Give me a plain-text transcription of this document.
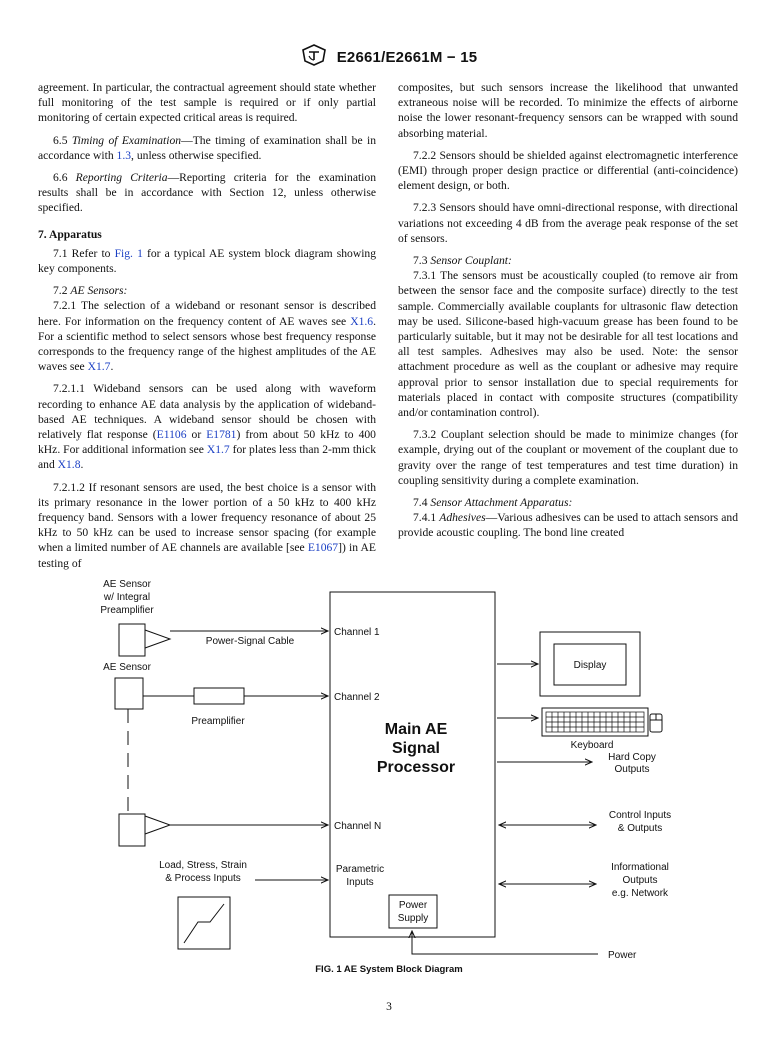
E2661/E2661M − 15

agreement. In particular, the contractual agreement should state whether full monitoring of the test sample is required or if only partial monitoring of certain expected critical areas is required.

6.5 Timing of Examination—The timing of examination shall be in accordance with 1.3, unless otherwise specified.

6.6 Reporting Criteria—Reporting criteria for the examination results shall be in accordance with Section 12, unless otherwise specified.

7. Apparatus

7.1 Refer to Fig. 1 for a typical AE system block diagram showing key components.

7.2 AE Sensors:

7.2.1 The selection of a wideband or resonant sensor is described here. For information on the frequency content of AE waves see X1.6. For a scientific method to select sensors whose best frequency response corresponds to the frequency range of the highest amplitudes of the AE waves see X1.7.

7.2.1.1 Wideband sensors can be used along with waveform recording to enhance AE data analysis by the application of wideband-based AE techniques. A wideband sensor should be chosen with relatively flat response (E1106 or E1781) from about 50 kHz to 400 kHz. For additional information see X1.7 for plates less than 2-mm thick and X1.8.

7.2.1.2 If resonant sensors are used, the best choice is a sensor with its primary resonance in the lower portion of a 50 kHz to 400 kHz frequency band. Sensors with a lower frequency resonance of about 25 kHz to 50 kHz can be used to increase sensor spacing (for example when a limited number of AE channels are available [see E1067]) in AE testing of

composites, but such sensors increase the likelihood that unwanted extraneous noise will be recorded. To minimize the effects of airborne noise the lower resonant-frequency sensors can be wrapped with sound absorbing material.

7.2.2 Sensors should be shielded against electromagnetic interference (EMI) through proper design practice or differential (anti-coincidence) element design, or both.

7.2.3 Sensors should have omni-directional response, with directional variations not exceeding 4 dB from the average peak response of the set of sensors.

7.3 Sensor Couplant:

7.3.1 The sensors must be acoustically coupled (to remove air from between the sensor face and the composite surface) directly to the test sample. Commercially available couplants for ultrasonic flaw detection may be used. Silicone-based high-vacuum grease has been found to be particularly suitable, but it may not be desirable for all test locations and all test samples. Adhesives may also be used. Note: the sensor attachment procedure as well as the couplant or adhesive may require approval prior to sensor installation due to special requirements for materials placed in contact with composite structures (compatibility and/or contamination control).

7.3.2 Couplant selection should be made to minimize changes (for example, drying out of the couplant or movement of the couplant due to gravity over the range of test temperatures and test time duration) in coupling sensitivity during a complete examination.

7.4 Sensor Attachment Apparatus:

7.4.1 Adhesives—Various adhesives can be used to attach sensors and provide acoustic coupling. The bond line created

AE Sensor
w/ Integral
Preamplifier
Power-Signal Cable
AE Sensor
Preamplifier
Channel 1
Channel 2
Channel N
Main AE
Signal
Processor
Load, Stress, Strain
& Process Inputs
Parametric
Inputs
Power
Supply
Display
Keyboard
Hard Copy
Outputs
Control Inputs
& Outputs
Informational
Outputs
e.g. Network
Power
FIG. 1 AE System Block Diagram
3
